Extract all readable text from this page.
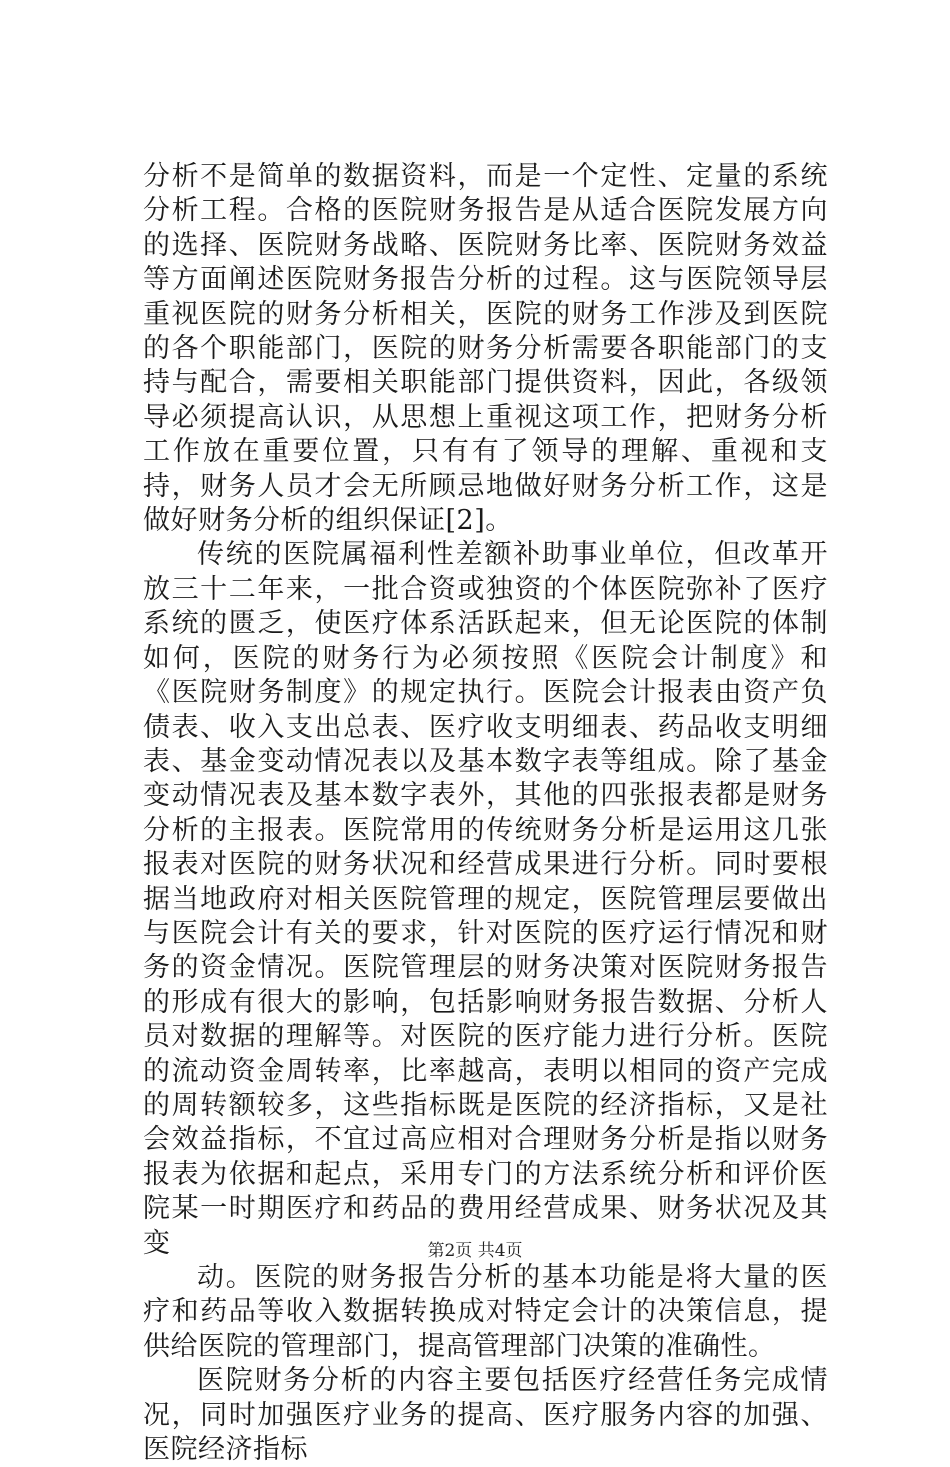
分析不是简单的数据资料，而是一个定性、定量的系统分析工程。合格的医院财务报告是从适合医院发展方向的选择、医院财务战略、医院财务比率、医院财务效益等方面阐述医院财务报告分析的过程。这与医院领导层重视医院的财务分析相关，医院的财务工作涉及到医院的各个职能部门，医院的财务分析需要各职能部门的支持与配合，需要相关职能部门提供资料，因此，各级领导必须提高认识，从思想上重视这项工作，把财务分析工作放在重要位置，只有有了领导的理解、重视和支持，财务人员才会无所顾忌地做好财务分析工作，这是做好财务分析的组织保证[2]。

传统的医院属福利性差额补助事业单位，但改革开放三十二年来，一批合资或独资的个体医院弥补了医疗系统的匮乏，使医疗体系活跃起来，但无论医院的体制如何，医院的财务行为必须按照《医院会计制度》和《医院财务制度》的规定执行。医院会计报表由资产负债表、收入支出总表、医疗收支明细表、药品收支明细表、基金变动情况表以及基本数字表等组成。除了基金变动情况表及基本数字表外，其他的四张报表都是财务分析的主报表。医院常用的传统财务分析是运用这几张报表对医院的财务状况和经营成果进行分析。同时要根据当地政府对相关医院管理的规定，医院管理层要做出与医院会计有关的要求，针对医院的医疗运行情况和财务的资金情况。医院管理层的财务决策对医院财务报告的形成有很大的影响，包括影响财务报告数据、分析人员对数据的理解等。对医院的医疗能力进行分析。医院的流动资金周转率，比率越高，表明以相同的资产完成的周转额较多，这些指标既是医院的经济指标，又是社会效益指标，不宜过高应相对合理财务分析是指以财务报表为依据和起点，采用专门的方法系统分析和评价医院某一时期医疗和药品的费用经营成果、财务状况及其变

动。医院的财务报告分析的基本功能是将大量的医疗和药品等收入数据转换成对特定会计的决策信息，提供给医院的管理部门，提高管理部门决策的准确性。

医院财务分析的内容主要包括医疗经营任务完成情况，同时加强医疗业务的提高、医疗服务内容的加强、医院经济指标

第2页 共4页
